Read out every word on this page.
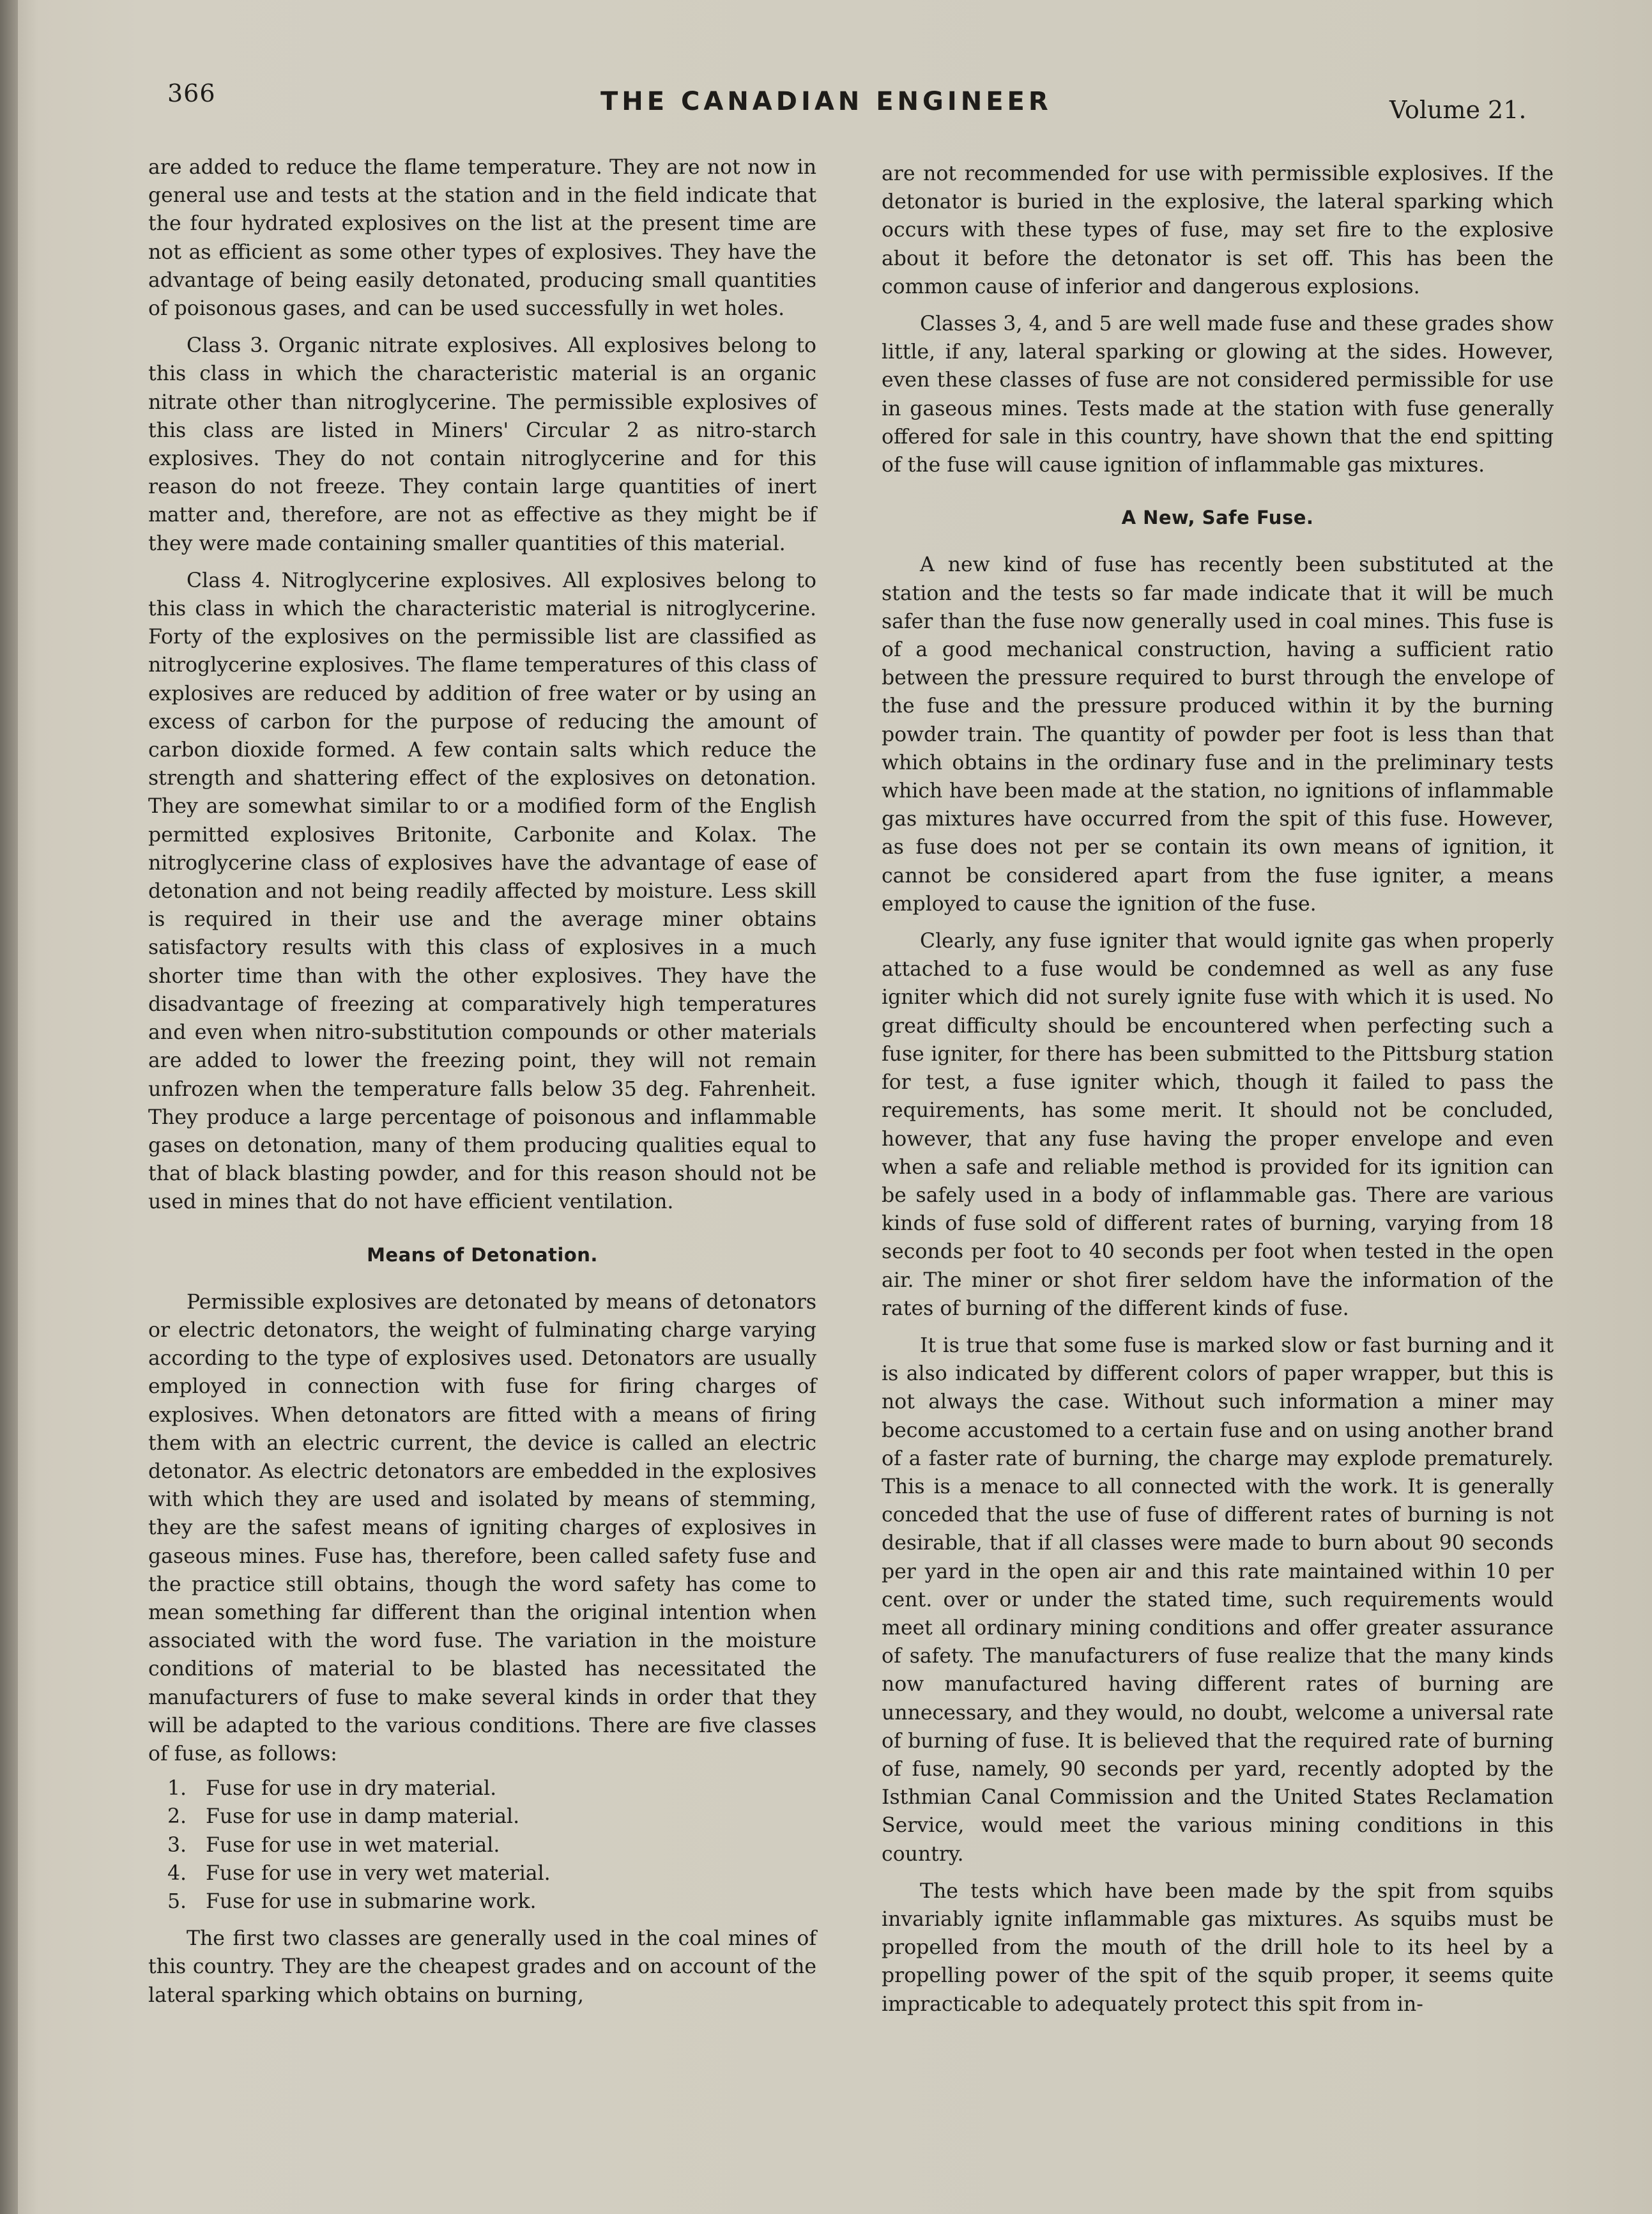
366	THE CANADIAN ENGINEER	Volume 21.

are added to reduce the flame temperature. They are not now in general use and tests at the station and in the field indicate that the four hydrated explosives on the list at the present time are not as efficient as some other types of explosives. They have the advantage of being easily detonated, producing small quantities of poisonous gases, and can be used successfully in wet holes.

Class 3. Organic nitrate explosives. All explosives belong to this class in which the characteristic material is an organic nitrate other than nitroglycerine. The permissible explosives of this class are listed in Miners' Circular 2 as nitro-starch explosives. They do not contain nitroglycerine and for this reason do not freeze. They contain large quantities of inert matter and, therefore, are not as effective as they might be if they were made containing smaller quantities of this material.

Class 4. Nitroglycerine explosives. All explosives belong to this class in which the characteristic material is nitroglycerine. Forty of the explosives on the permissible list are classified as nitroglycerine explosives. The flame temperatures of this class of explosives are reduced by addition of free water or by using an excess of carbon for the purpose of reducing the amount of carbon dioxide formed. A few contain salts which reduce the strength and shattering effect of the explosives on detonation. They are somewhat similar to or a modified form of the English permitted explosives Britonite, Carbonite and Kolax. The nitroglycerine class of explosives have the advantage of ease of detonation and not being readily affected by moisture. Less skill is required in their use and the average miner obtains satisfactory results with this class of explosives in a much shorter time than with the other explosives. They have the disadvantage of freezing at comparatively high temperatures and even when nitro-substitution compounds or other materials are added to lower the freezing point, they will not remain unfrozen when the temperature falls below 35 deg. Fahrenheit. They produce a large percentage of poisonous and inflammable gases on detonation, many of them producing qualities equal to that of black blasting powder, and for this reason should not be used in mines that do not have efficient ventilation.

Means of Detonation.

Permissible explosives are detonated by means of detonators or electric detonators, the weight of fulminating charge varying according to the type of explosives used. Detonators are usually employed in connection with fuse for firing charges of explosives. When detonators are fitted with a means of firing them with an electric current, the device is called an electric detonator. As electric detonators are embedded in the explosives with which they are used and isolated by means of stemming, they are the safest means of igniting charges of explosives in gaseous mines. Fuse has, therefore, been called safety fuse and the practice still obtains, though the word safety has come to mean something far different than the original intention when associated with the word fuse. The variation in the moisture conditions of material to be blasted has necessitated the manufacturers of fuse to make several kinds in order that they will be adapted to the various conditions. There are five classes of fuse, as follows:

1. Fuse for use in dry material.
2. Fuse for use in damp material.
3. Fuse for use in wet material.
4. Fuse for use in very wet material.
5. Fuse for use in submarine work.

The first two classes are generally used in the coal mines of this country. They are the cheapest grades and on account of the lateral sparking which obtains on burning,

are not recommended for use with permissible explosives. If the detonator is buried in the explosive, the lateral sparking which occurs with these types of fuse, may set fire to the explosive about it before the detonator is set off. This has been the common cause of inferior and dangerous explosions.

Classes 3, 4, and 5 are well made fuse and these grades show little, if any, lateral sparking or glowing at the sides. However, even these classes of fuse are not considered permissible for use in gaseous mines. Tests made at the station with fuse generally offered for sale in this country, have shown that the end spitting of the fuse will cause ignition of inflammable gas mixtures.

A New, Safe Fuse.

A new kind of fuse has recently been substituted at the station and the tests so far made indicate that it will be much safer than the fuse now generally used in coal mines. This fuse is of a good mechanical construction, having a sufficient ratio between the pressure required to burst through the envelope of the fuse and the pressure produced within it by the burning powder train. The quantity of powder per foot is less than that which obtains in the ordinary fuse and in the preliminary tests which have been made at the station, no ignitions of inflammable gas mixtures have occurred from the spit of this fuse. However, as fuse does not per se contain its own means of ignition, it cannot be considered apart from the fuse igniter, a means employed to cause the ignition of the fuse.

Clearly, any fuse igniter that would ignite gas when properly attached to a fuse would be condemned as well as any fuse igniter which did not surely ignite fuse with which it is used. No great difficulty should be encountered when perfecting such a fuse igniter, for there has been submitted to the Pittsburg station for test, a fuse igniter which, though it failed to pass the requirements, has some merit. It should not be concluded, however, that any fuse having the proper envelope and even when a safe and reliable method is provided for its ignition can be safely used in a body of inflammable gas. There are various kinds of fuse sold of different rates of burning, varying from 18 seconds per foot to 40 seconds per foot when tested in the open air. The miner or shot firer seldom have the information of the rates of burning of the different kinds of fuse.

It is true that some fuse is marked slow or fast burning and it is also indicated by different colors of paper wrapper, but this is not always the case. Without such information a miner may become accustomed to a certain fuse and on using another brand of a faster rate of burning, the charge may explode prematurely. This is a menace to all connected with the work. It is generally conceded that the use of fuse of different rates of burning is not desirable, that if all classes were made to burn about 90 seconds per yard in the open air and this rate maintained within 10 per cent. over or under the stated time, such requirements would meet all ordinary mining conditions and offer greater assurance of safety. The manufacturers of fuse realize that the many kinds now manufactured having different rates of burning are unnecessary, and they would, no doubt, welcome a universal rate of burning of fuse. It is believed that the required rate of burning of fuse, namely, 90 seconds per yard, recently adopted by the Isthmian Canal Commission and the United States Reclamation Service, would meet the various mining conditions in this country.

The tests which have been made by the spit from squibs invariably ignite inflammable gas mixtures. As squibs must be propelled from the mouth of the drill hole to its heel by a propelling power of the spit of the squib proper, it seems quite impracticable to adequately protect this spit from in-
